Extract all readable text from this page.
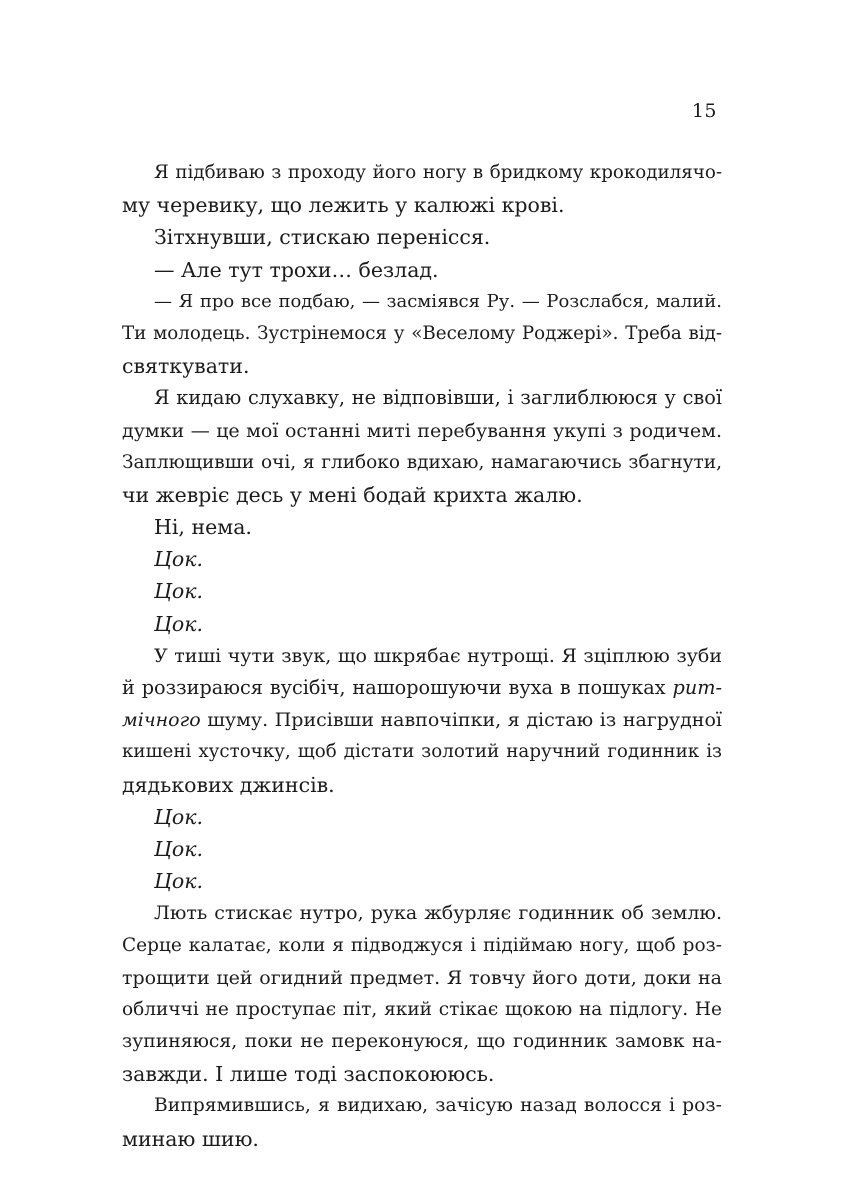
15
Я підбиваю з проходу його ногу в бридкому крокодилячо-
му черевику, що лежить у калюжі крові.
Зітхнувши, стискаю перенісся.
— Але тут трохи… безлад.
— Я про все подбаю, — засміявся Ру. — Розслабся, малий.
Ти молодець. Зустрінемося у «Веселому Роджері». Треба від-
святкувати.
Я кидаю слухавку, не відповівши, і заглиблююся у свої
думки — це мої останні миті перебування укупі з родичем.
Заплющивши очі, я глибоко вдихаю, намагаючись збагнути,
чи жевріє десь у мені бодай крихта жалю.
Ні, нема.
Цок.
Цок.
Цок.
У тиші чути звук, що шкрябає нутрощі. Я зціплюю зуби
й роззираюся вусібіч, нашорошуючи вуха в пошуках рит-
мічного шуму. Присівши навпочіпки, я дістаю із нагрудної
кишені хусточку, щоб дістати золотий наручний годинник із
дядькових джинсів.
Цок.
Цок.
Цок.
Лють стискає нутро, рука жбурляє годинник об землю.
Серце калатає, коли я підводжуся і підіймаю ногу, щоб роз-
трощити цей огидний предмет. Я товчу його доти, доки на
обличчі не проступає піт, який стікає щокою на підлогу. Не
зупиняюся, поки не переконуюся, що годинник замовк на-
завжди. І лише тоді заспокоююсь.
Випрямившись, я видихаю, зачісую назад волосся і роз-
минаю шию.
